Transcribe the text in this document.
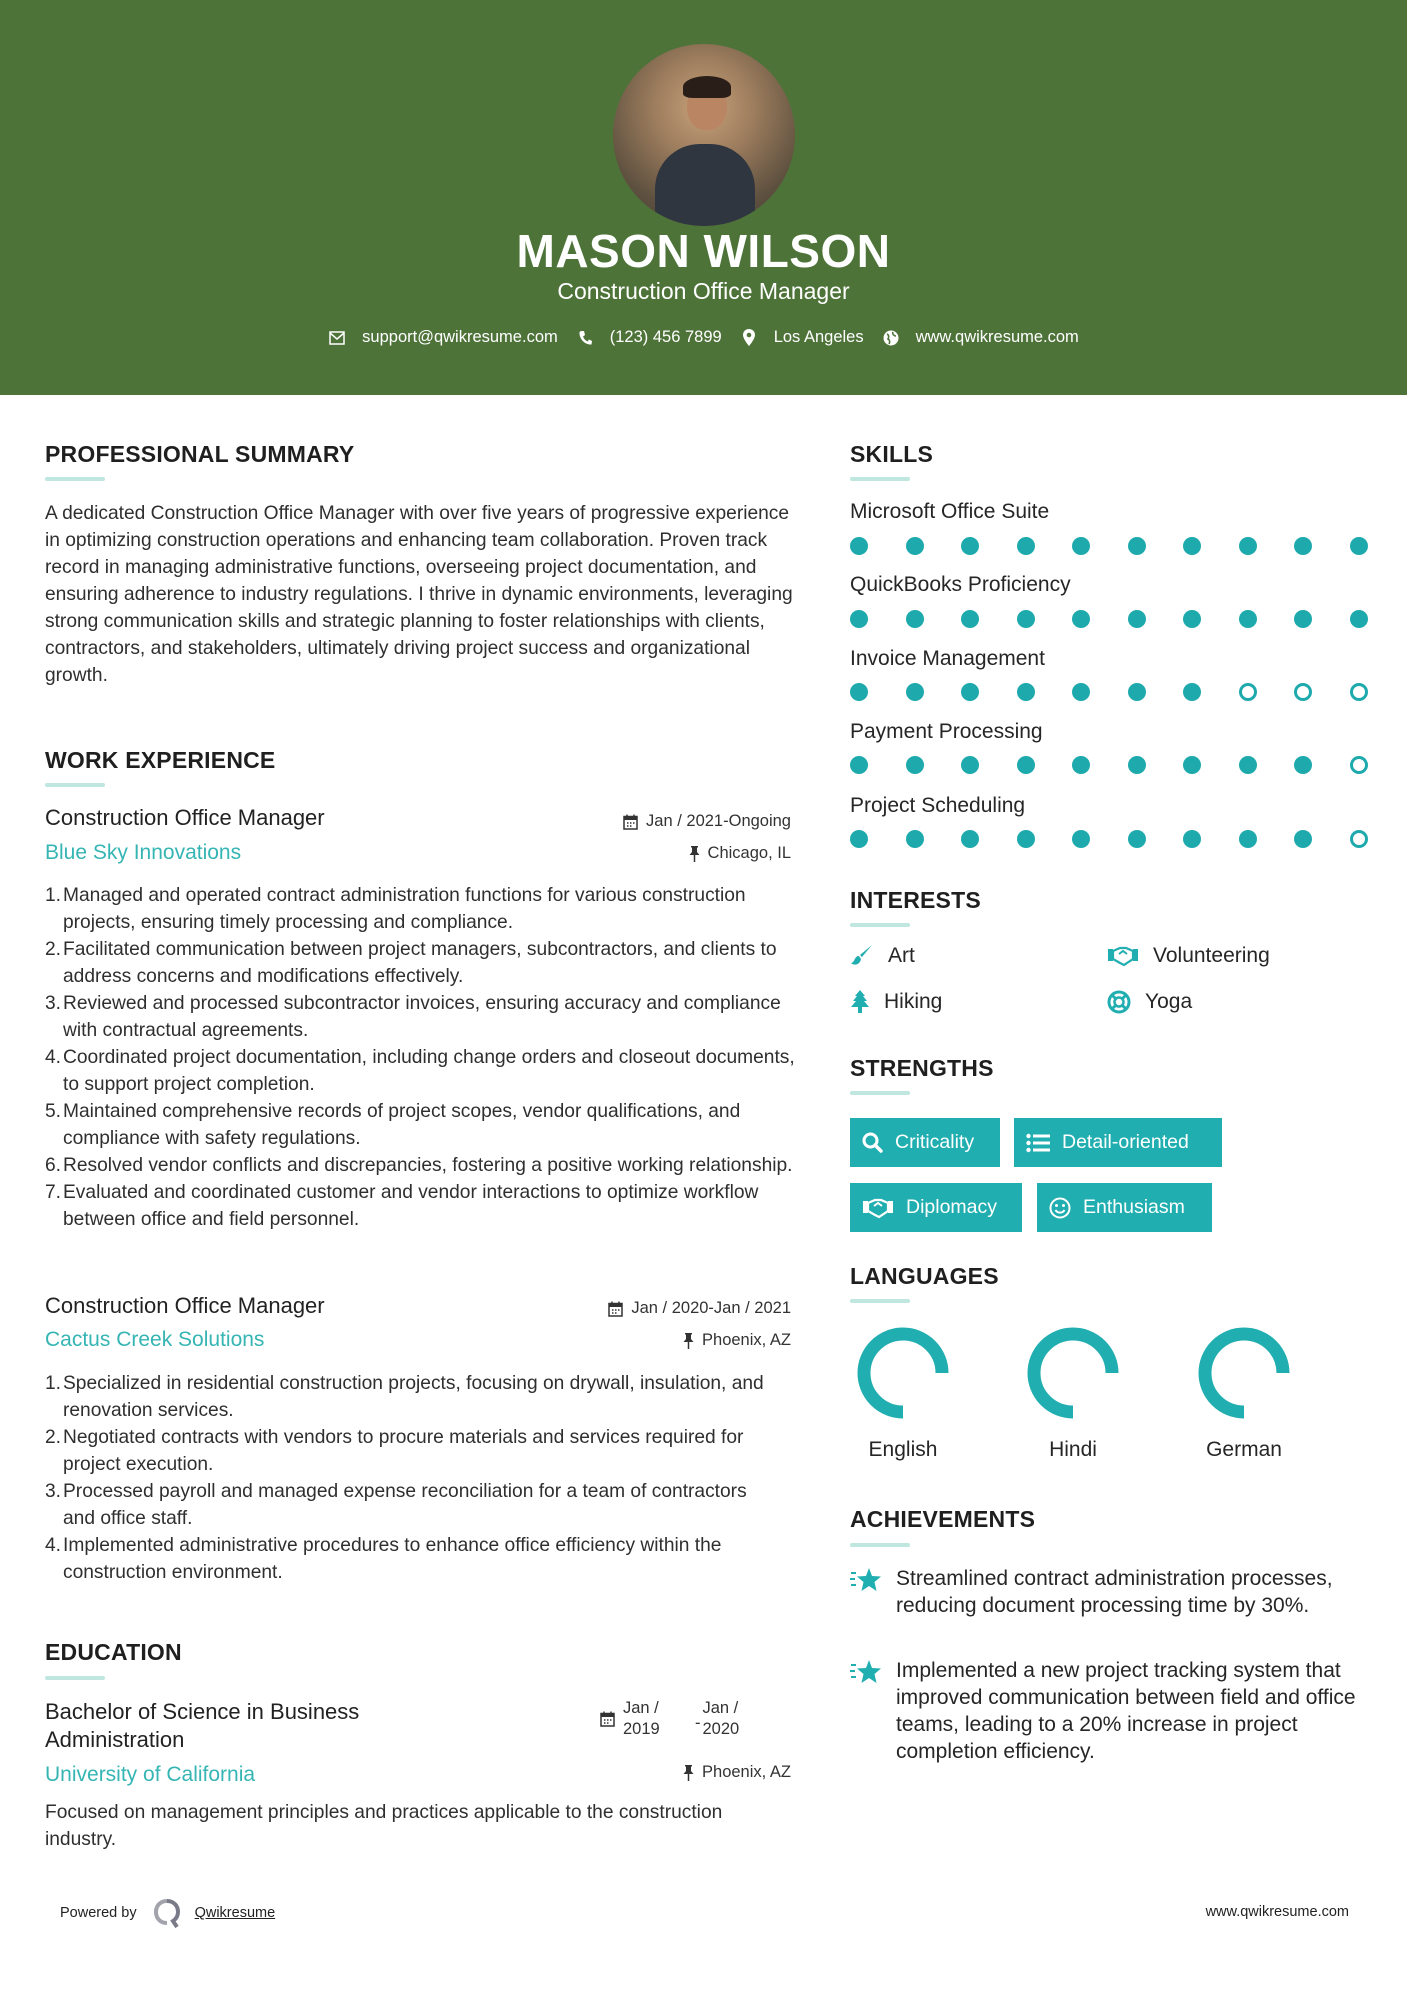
MASON WILSON
Construction Office Manager
support@qwikresume.com	(123) 456 7899	Los Angeles	www.qwikresume.com
PROFESSIONAL SUMMARY
A dedicated Construction Office Manager with over five years of progressive experience in optimizing construction operations and enhancing team collaboration. Proven track record in managing administrative functions, overseeing project documentation, and ensuring adherence to industry regulations. I thrive in dynamic environments, leveraging strong communication skills and strategic planning to foster relationships with clients, contractors, and stakeholders, ultimately driving project success and organizational growth.
WORK EXPERIENCE
Construction Office Manager
Blue Sky Innovations
Jan / 2021-Ongoing
Chicago, IL
Managed and operated contract administration functions for various construction projects, ensuring timely processing and compliance.
Facilitated communication between project managers, subcontractors, and clients to address concerns and modifications effectively.
Reviewed and processed subcontractor invoices, ensuring accuracy and compliance with contractual agreements.
Coordinated project documentation, including change orders and closeout documents, to support project completion.
Maintained comprehensive records of project scopes, vendor qualifications, and compliance with safety regulations.
Resolved vendor conflicts and discrepancies, fostering a positive working relationship.
Evaluated and coordinated customer and vendor interactions to optimize workflow between office and field personnel.
Construction Office Manager
Cactus Creek Solutions
Jan / 2020-Jan / 2021
Phoenix, AZ
Specialized in residential construction projects, focusing on drywall, insulation, and renovation services.
Negotiated contracts with vendors to procure materials and services required for project execution.
Processed payroll and managed expense reconciliation for a team of contractors and office staff.
Implemented administrative procedures to enhance office efficiency within the construction environment.
EDUCATION
Bachelor of Science in Business Administration
University of California
Jan /
2019	-
Jan /
2020
Phoenix, AZ
Focused on management principles and practices applicable to the construction industry.
SKILLS
Microsoft Office Suite
QuickBooks Proficiency
Invoice Management
Payment Processing
Project Scheduling
INTERESTS
Art	Volunteering
Hiking	Yoga
STRENGTHS
Criticality	Detail-oriented
Diplomacy	Enthusiasm
LANGUAGES
English	Hindi	German
ACHIEVEMENTS
Streamlined contract administration processes, reducing document processing time by 30%.
Implemented a new project tracking system that improved communication between field and office teams, leading to a 20% increase in project completion efficiency.
Powered by	Qwikresume	www.qwikresume.com
